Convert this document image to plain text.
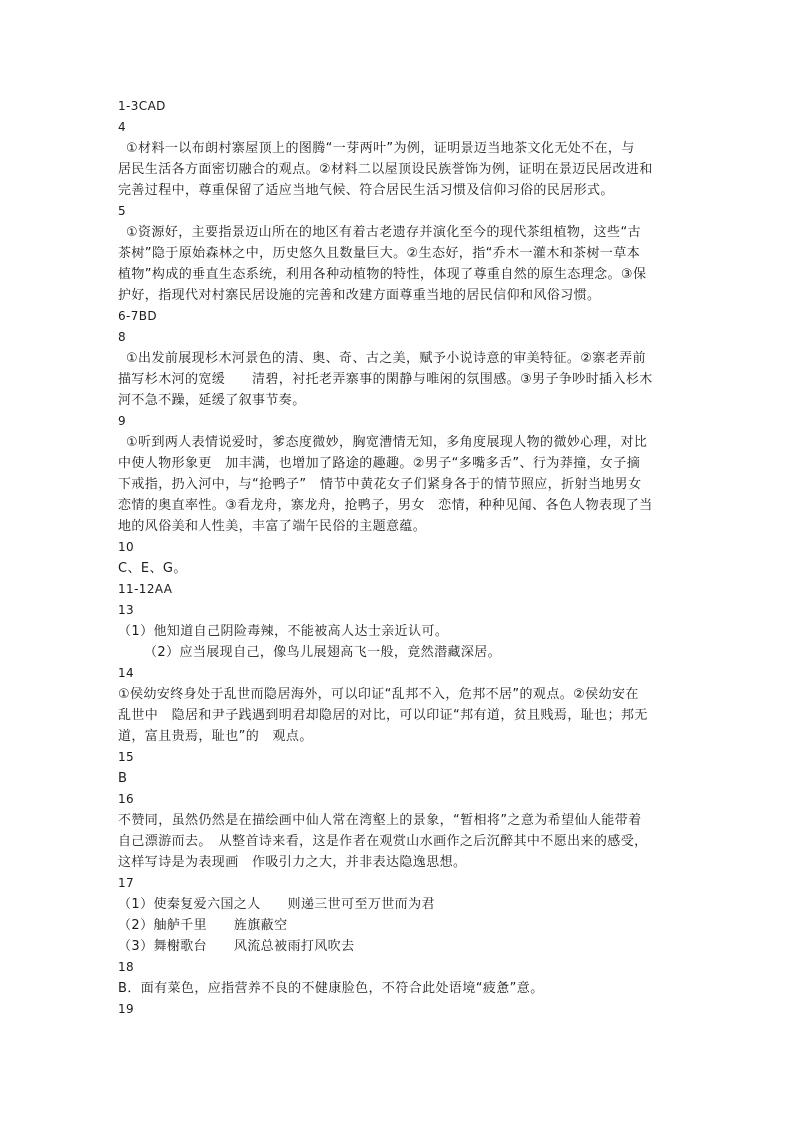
1-3CAD
4
①材料一以布朗村寨屋顶上的图腾“一芽两叶”为例，证明景迈当地茶文化无处不在，与
居民生活各方面密切融合的观点。②材料二以屋顶设民族誉饰为例，证明在景迈民居改进和
完善过程中，尊重保留了适应当地气候、符合居民生活习惯及信仰习俗的民居形式。
5
①资源好，主要指景迈山所在的地区有着古老遗存并演化至今的现代茶组植物，这些“古
茶树”隐于原始森林之中，历史悠久且数量巨大。②生态好，指“乔木一灌木和茶树一草本
植物”构成的垂直生态系统，利用各种动植物的特性，体现了尊重自然的原生态理念。③保
护好，指现代对村寨民居设施的完善和改建方面尊重当地的居民信仰和风俗习惯。
6-7BD
8
①出发前展现杉木河景色的清、奥、奇、古之美，赋予小说诗意的审美特征。②寨老弄前
描写杉木河的宽缓　　清碧，衬托老弄寨事的閑静与唯闲的氛围感。③男子争吵时插入杉木
河不急不躁，延缓了叙事节奏。
9
①听到两人表情说爱时，爹态度微妙，胸宽漕情无知，多角度展现人物的微妙心理，对比
中使人物形象更　加丰满，也增加了路途的趣趣。②男子“多嘴多舌”、行为莽撞，女子摘
下戒指，扔入河中，与“抢鸭子”　情节中黄花女子们紧身各于的情节照应，折射当地男女
恋情的奥直率性。③看龙舟，寨龙舟，抢鸭子，男女　恋情，种种见闻、各色人物表现了当
地的风俗美和人性美，丰富了端午民俗的主题意蕴。
10
C、E、G。
11-12AA
13
（1）他知道自己阴险毒辣，不能被高人达士亲近认可。
（2）应当展现自己，像鸟儿展翅高飞一般，竟然潜藏深居。
14
①侯幼安终身处于乱世而隐居海外，可以印证“乱邦不入，危邦不居”的观点。②侯幼安在
乱世中　隐居和尹子践遇到明君却隐居的对比，可以印证“邦有道，贫且贱焉，耻也；邦无
道，富且贵焉，耻也”的　观点。
15
B
16
不赞同，虽然仍然是在描绘画中仙人常在湾壑上的景象，“暂相将”之意为希望仙人能带着
自己漂游而去。　从整首诗来看，这是作者在观赏山水画作之后沉醉其中不愿出来的感受，
这样写诗是为表现画　作吸引力之大，并非表达隐逸思想。
17
（1）使秦复爱六国之人　　则递三世可至万世而为君
（2）舳舻千里　　旌旗蔽空
（3）舞榭歌台　　风流总被雨打风吹去
18
B．面有菜色，应指营养不良的不健康脸色，不符合此处语境“疲惫”意。
19
